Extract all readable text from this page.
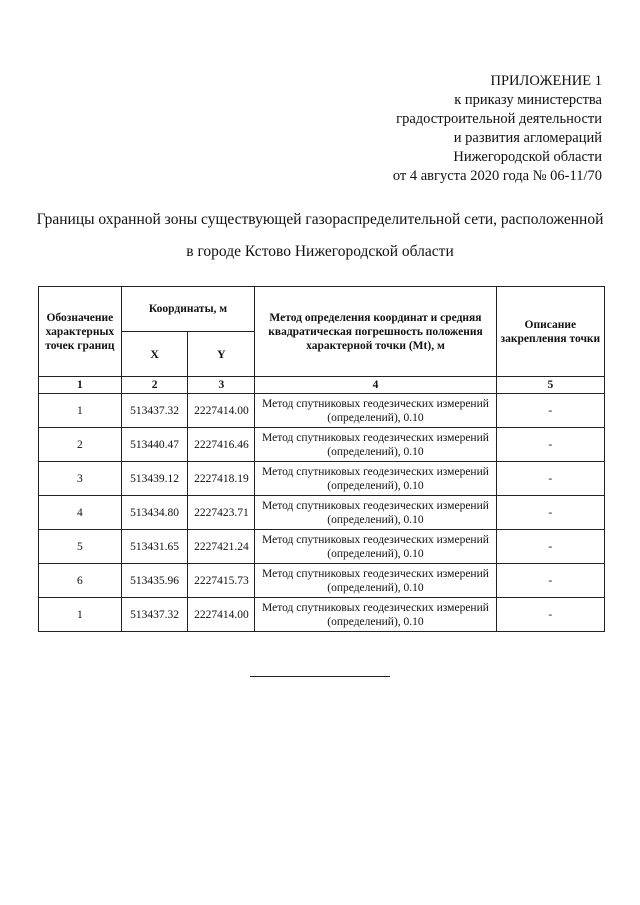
ПРИЛОЖЕНИЕ 1
к приказу министерства
градостроительной деятельности
и развития агломераций
Нижегородской области
от 4 августа 2020 года № 06-11/70
Границы охранной зоны существующей газораспределительной сети, расположенной
в городе Кстово Нижегородской области
Обозначение характерных точек границ	Координаты, м		Метод определения координат и средняя квадратическая погрешность положения характерной точки (Mt), м	Описание закрепления точки
	X	Y		
1	2	3	4	5
1	513437.32	2227414.00	Метод спутниковых геодезических измерений (определений), 0.10	-
2	513440.47	2227416.46	Метод спутниковых геодезических измерений (определений), 0.10	-
3	513439.12	2227418.19	Метод спутниковых геодезических измерений (определений), 0.10	-
4	513434.80	2227423.71	Метод спутниковых геодезических измерений (определений), 0.10	-
5	513431.65	2227421.24	Метод спутниковых геодезических измерений (определений), 0.10	-
6	513435.96	2227415.73	Метод спутниковых геодезических измерений (определений), 0.10	-
1	513437.32	2227414.00	Метод спутниковых геодезических измерений (определений), 0.10	-
